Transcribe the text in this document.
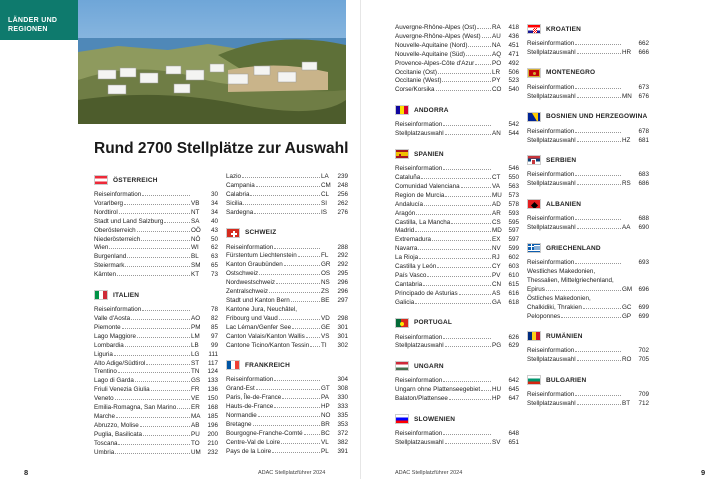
LÄNDER UND
REGIONEN
Rund 2700 Stellplätze zur Auswahl
ÖSTERREICH
Reiseinformation	30
Vorarlberg	VB	34
Nordtirol	NT	34
Stadt und Land Salzburg	SA	40
Oberösterreich	OÖ	43
Niederösterreich	NÖ	50
Wien	WI	62
Burgenland	BL	63
Steiermark	SM	65
Kärnten	KT	73
ITALIEN
Reiseinformation	78
Valle d'Aosta	AO	82
Piemonte	PM	85
Lago Maggiore	LM	97
Lombardia	LB	99
Liguria	LG	111
Alto Adige/Südtirol	ST	117
Trentino	TN	124
Lago di Garda	GS	133
Friuli Venezia Giulia	FR	136
Veneto	VE	150
Emilia-Romagna, San Marino ER	168
Marche	MA	185
Abruzzo, Molise	AB	196
Puglia, Basilicata	PU	200
Toscana	TO	210
Umbria	UM	232
Lazio	LA	239
Campania	CM	248
Calabria	CL	256
Sicilia	SI	262
Sardegna	IS	276
SCHWEIZ
Reiseinformation	288
Fürstentum Liechtenstein	FL	292
Kanton Graubünden	GR	292
Ostschweiz	OS	295
Nordwestschweiz	NS	296
Zentralschweiz	ZS	296
Stadt und Kanton Bern	BE	297
Kantone Jura, Neuchâtel,
Fribourg und Vaud	VD	298
Lac Léman/Genfer See	GE	301
Canton Valais/Kanton Wallis	VS	301
Cantone Ticino/Kanton Tessin TI	302
FRANKREICH
Reiseinformation	304
Grand-Est	GT	308
Paris, Île-de-France	PA	330
Hauts-de-France	HP	333
Normandie	NO	335
Bretagne	BR	353
Bourgogne-Franche-Comté	BC	372
Centre-Val de Loire	VL	382
Pays de la Loire	PL	391
8	ADAC Stellplatzführer 2024
Auvergne-Rhône-Alpes (Ost)	RA	418
Auvergne-Rhône-Alpes (West) AU	436
Nouvelle-Aquitaine (Nord)	NA	451
Nouvelle-Aquitaine (Süd)	AQ	471
Provence-Alpes-Côte d'Azur	PO	492
Occitanie (Ost)	LR	506
Occitanie (West)	PY	523
Corse/Korsika	CO	540
ANDORRA
Reiseinformation	542
Stellplatzauswahl	AN	544
SPANIEN
Reiseinformation	546
Cataluña	CT	550
Comunidad Valenciana	VA	563
Region de Murcia	MU	573
Andalucía	AD	578
Aragón	AR	593
Castilla, La Mancha	CS	595
Madrid	MD	597
Extremadura	EX	597
Navarra	NV	599
La Rioja	RJ	602
Castilla y León	CY	603
País Vasco	PV	610
Cantabria	CN	615
Principado de Asturias	AS	616
Galicia	GA	618
PORTUGAL
Reiseinformation	626
Stellplatzauswahl	PG	629
UNGARN
Reiseinformation	642
Ungarn ohne Plattenseegebiet HU	645
Balaton/Plattensee	HP	647
SLOWENIEN
Reiseinformation	648
Stellplatzauswahl	SV	651
KROATIEN
Reiseinformation	662
Stellplatzauswahl	HR	666
MONTENEGRO
Reiseinformation	673
Stellplatzauswahl	MN	676
BOSNIEN UND HERZEGOWINA
Reiseinformation	678
Stellplatzauswahl	HZ	681
SERBIEN
Reiseinformation	683
Stellplatzauswahl	RS	686
ALBANIEN
Reiseinformation	688
Stellplatzauswahl	AA	690
GRIECHENLAND
Reiseinformation	693
Westliches Makedonien,
Thessalien, Mittelgriechenland,
Epirus	GM	696
Östliches Makedonien,
Chalkidiki, Thrakien	GC	699
Peloponnes	GP	699
RUMÄNIEN
Reiseinformation	702
Stellplatzauswahl	RO	705
BULGARIEN
Reiseinformation	709
Stellplatzauswahl	BT	712
ADAC Stellplatzführer 2024	9
